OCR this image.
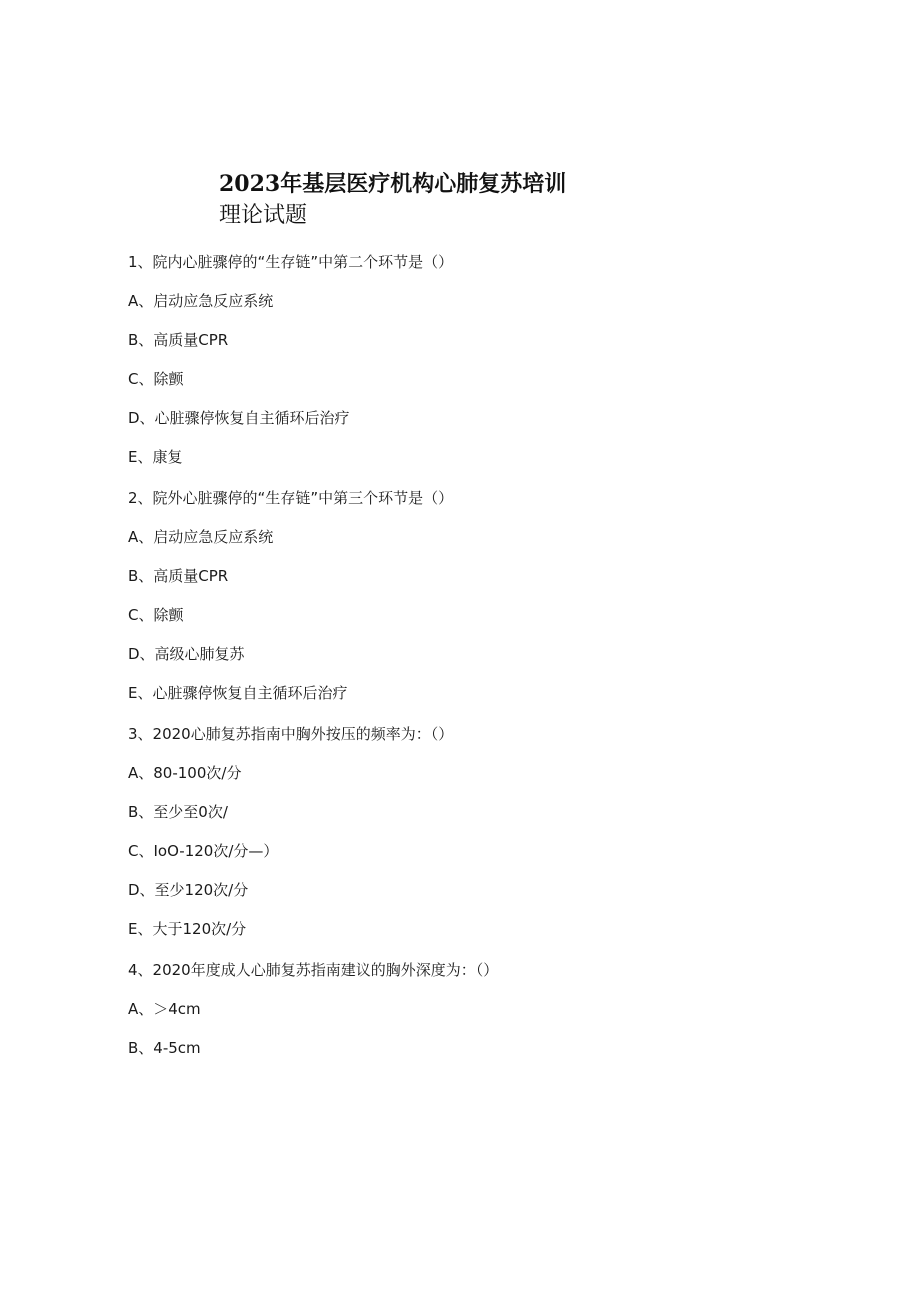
2023年基层医疗机构心肺复苏培训
理论试题

1、院内心脏骤停的“生存链”中第二个环节是（）

A、启动应急反应系统

B、高质量CPR

C、除颤

D、心脏骤停恢复自主循环后治疗

E、康复

2、院外心脏骤停的“生存链”中第三个环节是（）

A、启动应急反应系统

B、高质量CPR

C、除颤

D、高级心肺复苏

E、心脏骤停恢复自主循环后治疗

3、2020心肺复苏指南中胸外按压的频率为：（）

A、80-100次/分

B、至少至0次/

C、IoO-120次/分—）

D、至少120次/分

E、大于120次/分

4、2020年度成人心肺复苏指南建议的胸外深度为：（）

A、＞4cm

B、4-5cm
